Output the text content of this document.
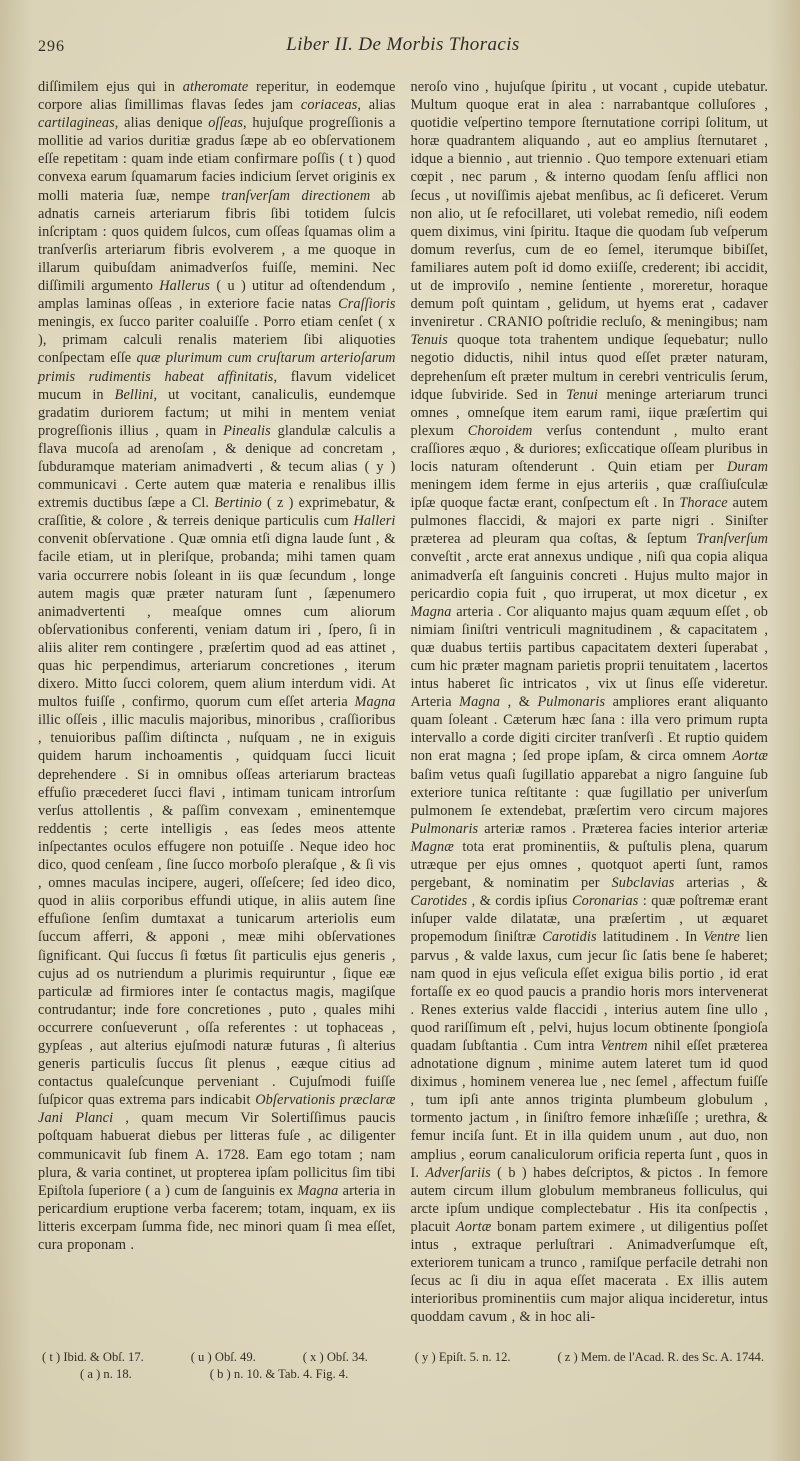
296	Liber II. De Morbis Thoracis
diſſimilem ejus qui in atheromate reperitur, in eodemque corpore alias ſimillimas flavas ſedes jam coriaceas, alias cartilagineas, alias denique oſſeas, hujuſque progreſſionis a mollitie ad varios duritiæ gradus ſæpe ab eo obſervationem eſſe repetitam : quam inde etiam confirmare poſſis ( t ) quod convexa earum ſquamarum facies indicium ſervet originis ex molli materia ſuæ, nempe tranſverſam directionem ab adnatis carneis arteriarum fibris ſibi totidem ſulcis inſcriptam : quos quidem ſulcos, cum oſſeas ſquamas olim a tranſverſis arteriarum fibris evolverem , a me quoque in illarum quibuſdam animadverſos fuiſſe, memini. Nec diſſimili argumento Hallerus ( u ) utitur ad oſtendendum , amplas laminas oſſeas , in exteriore facie natas Craſſioris meningis, ex ſucco pariter coaluiſſe . Porro etiam cenſet ( x ), primam calculi renalis materiem ſibi aliquoties conſpectam eſſe quæ plurimum cum cruſtarum arterioſarum primis rudimentis habeat affinitatis, flavum videlicet mucum in Bellini, ut vocitant, canaliculis, eundemque gradatim duriorem factum; ut mihi in mentem veniat progreſſionis illius , quam in Pinealis glandulæ calculis a flava mucoſa ad arenoſam , & denique ad concretam , ſubduramque materiam animadverti , & tecum alias ( y ) communicavi . Certe autem quæ materia e renalibus illis extremis ductibus ſæpe a Cl. Bertinio ( z ) exprimebatur, & craſſitie, & colore , & terreis denique particulis cum Halleri convenit obſervatione . Quæ omnia etſi digna laude ſunt , & facile etiam, ut in pleriſque, probanda; mihi tamen quam varia occurrere nobis ſoleant in iis quæ ſecundum , longe autem magis quæ præter naturam ſunt , ſæpenumero animadvertenti , meaſque omnes cum aliorum obſervationibus conferenti, veniam datum iri , ſpero, ſi in aliis aliter rem contingere , præſertim quod ad eas attinet , quas hic perpendimus, arteriarum concretiones , iterum dixero. Mitto ſucci colorem, quem alium interdum vidi. At multos fuiſſe , confirmo, quorum cum eſſet arteria Magna illic oſſeis , illic maculis majoribus, minoribus , craſſioribus , tenuioribus paſſim diſtincta , nuſquam , ne in exiguis quidem harum inchoamentis , quidquam ſucci licuit deprehendere . Si in omnibus oſſeas arteriarum bracteas effuſio præcederet ſucci flavi , intimam tunicam introrſum verſus attollentis , & paſſim convexam , eminentemque reddentis ; certe intelligis , eas ſedes meos attente inſpectantes oculos effugere non potuiſſe . Neque ideo hoc dico, quod cenſeam , ſine ſucco morboſo pleraſque , & ſi vis , omnes maculas incipere, augeri, oſſeſcere; ſed ideo dico, quod in aliis corporibus effundi utique, in aliis autem ſine effuſione ſenſim dumtaxat a tunicarum arteriolis eum ſuccum afferri, & apponi , meæ mihi obſervationes ſignificant. Qui ſuccus ſi fœtus ſit particulis ejus generis , cujus ad os nutriendum a plurimis requiruntur , ſique eæ particulæ ad firmiores inter ſe contactus magis, magiſque contrudantur; inde fore concretiones , puto , quales mihi occurrere conſueverunt , oſſa referentes : ut tophaceas , gypſeas , aut alterius ejuſmodi naturæ futuras , ſi alterius generis particulis ſuccus ſit plenus , eæque citius ad contactus qualeſcunque perveniant . Cujuſmodi fuiſſe ſuſpicor quas extrema pars indicabit Obſervationis præclaræ Jani Planci , quam mecum Vir Solertiſſimus paucis poſtquam habuerat diebus per litteras fuſe , ac diligenter communicavit ſub finem A. 1728. Eam ego totam ; nam plura, & varia continet, ut propterea ipſam pollicitus ſim tibi Epiſtola ſuperiore ( a ) cum de ſanguinis ex Magna arteria in pericardium eruptione verba facerem; totam, inquam, ex iis litteris excerpam ſumma fide, nec minori quam ſi mea eſſet, cura proponam .
neroſo vino , hujuſque ſpiritu , ut vocant , cupide utebatur. Multum quoque erat in alea : narrabantque colluſores , quotidie veſpertino tempore ſternutatione corripi ſolitum, ut horæ quadrantem aliquando , aut eo amplius ſternutaret , idque a biennio , aut triennio . Quo tempore extenuari etiam cœpit , nec parum , & interno quodam ſenſu afflici non ſecus , ut noviſſimis ajebat menſibus, ac ſi deficeret. Verum non alio, ut ſe refocillaret, uti volebat remedio, niſi eodem quem diximus, vini ſpiritu. Itaque die quodam ſub veſperum domum reverſus, cum de eo ſemel, iterumque bibiſſet, familiares autem poſt id domo exiiſſe, crederent; ibi accidit, ut de improviſo , nemine ſentiente , moreretur, horaque demum poſt quintam , gelidum, ut hyems erat , cadaver inveniretur . CRANIO poſtridie recluſo, & meningibus; nam Tenuis quoque tota trahentem undique ſequebatur; nullo negotio diductis, nihil intus quod eſſet præter naturam, deprehenſum eſt præter multum in cerebri ventriculis ſerum, idque ſubviride. Sed in Tenui meninge arteriarum trunci omnes , omneſque item earum rami, iique præſertim qui plexum Choroidem verſus contendunt , multo erant craſſiores æquo , & duriores; exſiccatique oſſeam pluribus in locis naturam oſtenderunt . Quin etiam per Duram meningem idem ferme in ejus arteriis , quæ craſſiuſculæ ipſæ quoque factæ erant, conſpectum eſt . In Thorace autem pulmones flaccidi, & majori ex parte nigri . Siniſter præterea ad pleuram qua coſtas, & ſeptum Tranſverſum conveſtit , arcte erat annexus undique , niſi qua copia aliqua animadverſa eſt ſanguinis concreti . Hujus multo major in pericardio copia fuit , quo irruperat, ut mox dicetur , ex Magna arteria . Cor aliquanto majus quam æquum eſſet , ob nimiam ſiniſtri ventriculi magnitudinem , & capacitatem , quæ duabus tertiis partibus capacitatem dexteri ſuperabat , cum hic præter magnam parietis proprii tenuitatem , lacertos intus haberet ſic intricatos , vix ut ſinus eſſe videretur. Arteria Magna , & Pulmonaris ampliores erant aliquanto quam ſoleant . Cæterum hæc ſana : illa vero primum rupta intervallo a corde digiti circiter tranſverſi . Et ruptio quidem non erat magna ; ſed prope ipſam, & circa omnem Aortæ baſim vetus quaſi ſugillatio apparebat a nigro ſanguine ſub exteriore tunica reſtitante : quæ ſugillatio per univerſum pulmonem ſe extendebat, præſertim vero circum majores Pulmonaris arteriæ ramos . Præterea facies interior arteriæ Magnæ tota erat prominentiis, & puſtulis plena, quarum utræque per ejus omnes , quotquot aperti ſunt, ramos pergebant, & nominatim per Subclavias arterias , & Carotides , & cordis ipſius Coronarias : quæ poſtremæ erant inſuper valde dilatatæ, una præſertim , ut æquaret propemodum ſiniſtræ Carotidis latitudinem . In Ventre lien parvus , & valde laxus, cum jecur ſic ſatis bene ſe haberet; nam quod in ejus veſicula eſſet exigua bilis portio , id erat fortaſſe ex eo quod paucis a prandio horis mors intervenerat . Renes exterius valde flaccidi , interius autem ſine ullo , quod rariſſimum eſt , pelvi, hujus locum obtinente ſpongioſa quadam ſubſtantia . Cum intra Ventrem nihil eſſet præterea adnotatione dignum , minime autem lateret tum id quod diximus , hominem venerea lue , nec ſemel , affectum fuiſſe , tum ipſi ante annos triginta plumbeum globulum , tormento jactum , in ſiniſtro femore inhæſiſſe ; urethra, & femur inciſa ſunt. Et in illa quidem unum , aut duo, non amplius , eorum canaliculorum orificia reperta ſunt , quos in I. Adverſariis ( b ) habes deſcriptos, & pictos . In femore autem circum illum globulum membraneus folliculus, qui arcte ipſum undique complectebatur . His ita conſpectis , placuit Aortæ bonam partem eximere , ut diligentius poſſet intus , extraque perluſtrari . Animadverſumque eſt, exteriorem tunicam a trunco , ramiſque perfacile detrahi non ſecus ac ſi diu in aqua eſſet macerata . Ex illis autem interioribus prominentiis cum major aliqua incideretur, intus quoddam cavum , & in hoc ali-
( t ) Ibid. & Obſ. 17.	( u ) Obſ. 49.	( x ) Obſ. 34.	( y ) Epiſt. 5. n. 12.	( z ) Mem. de l'Acad. R. des Sc. A. 1744.
( a ) n. 18.	( b ) n. 10. & Tab. 4. Fig. 4.
